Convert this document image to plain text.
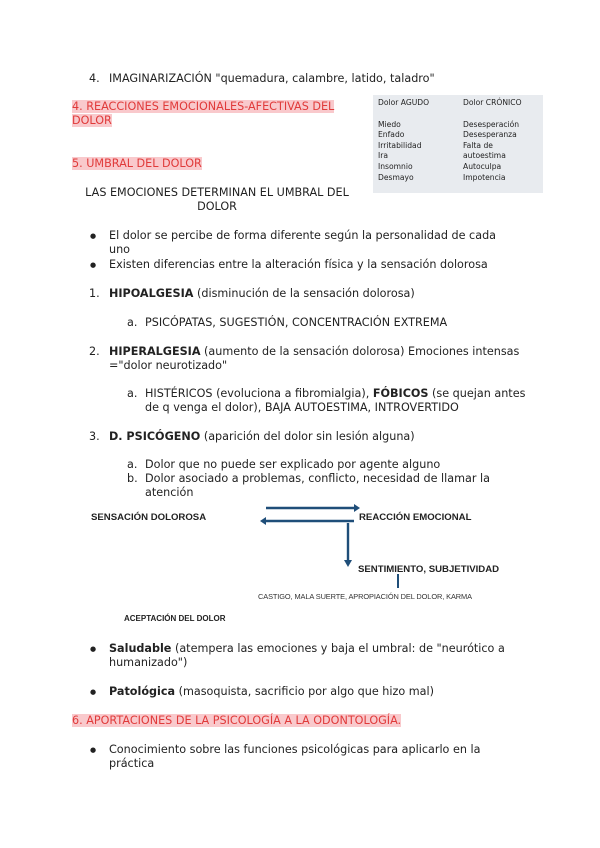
4. IMAGINARIZACIÓN "quemadura, calambre, latido, taladro"
4. REACCIONES EMOCIONALES-AFECTIVAS DEL
DOLOR
Dolor AGUDO
Miedo
Enfado
Irritabilidad
Ira
Insomnio
Desmayo
Dolor CRÓNICO
Desesperación
Desesperanza
Falta de
autoestima
Autoculpa
Impotencia
5. UMBRAL DEL DOLOR
LAS EMOCIONES DETERMINAN EL UMBRAL DEL
DOLOR
● El dolor se percibe de forma diferente según la personalidad de cada
uno
● Existen diferencias entre la alteración física y la sensación dolorosa
1. HIPOALGESIA (disminución de la sensación dolorosa)
a. PSICÓPATAS, SUGESTIÓN, CONCENTRACIÓN EXTREMA
2. HIPERALGESIA (aumento de la sensación dolorosa) Emociones intensas
="dolor neurotizado"
a. HISTÉRICOS (evoluciona a fibromialgia), FÓBICOS (se quejan antes
de q venga el dolor), BAJA AUTOESTIMA, INTROVERTIDO
3. D. PSICÓGENO (aparición del dolor sin lesión alguna)
a. Dolor que no puede ser explicado por agente alguno
b. Dolor asociado a problemas, conflicto, necesidad de llamar la
atención
SENSACIÓN DOLOROSA	REACCIÓN EMOCIONAL
SENTIMIENTO, SUBJETIVIDAD
CASTIGO, MALA SUERTE, APROPIACIÓN DEL DOLOR, KARMA
ACEPTACIÓN DEL DOLOR
● Saludable (atempera las emociones y baja el umbral: de "neurótico a
humanizado")
● Patológica (masoquista, sacrificio por algo que hizo mal)
6. APORTACIONES DE LA PSICOLOGÍA A LA ODONTOLOGÍA.
● Conocimiento sobre las funciones psicológicas para aplicarlo en la
práctica
